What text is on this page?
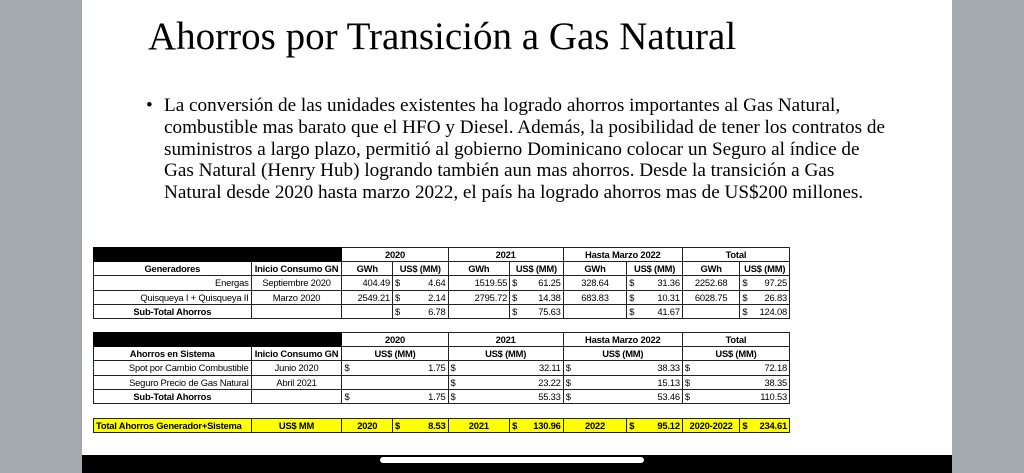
Ahorros por Transición a Gas Natural
• La conversión de las unidades existentes ha logrado ahorros importantes al Gas Natural, combustible mas barato que el HFO y Diesel. Además, la posibilidad de tener los contratos de suministros a largo plazo, permitió al gobierno Dominicano colocar un Seguro al índice de Gas Natural (Henry Hub) logrando también aun mas ahorros. Desde la transición a Gas Natural desde 2020 hasta marzo 2022, el país ha logrado ahorros mas de US$200 millones.
		2020		2021		Hasta Marzo 2022		Total	
Generadores	Inicio Consumo GN	GWh	US$ (MM)	GWh	US$ (MM)	GWh	US$ (MM)	GWh	US$ (MM)
Energas	Septiembre 2020	404.49	$ 4.64	1519.55	$ 61.25	328.64	$ 31.36	2252.68	$ 97.25

Quisqueya I + Quisqueya II	Marzo 2020	2549.21	$ 2.14	2795.72	$ 14.38	683.83	$ 10.31	6028.75	$ 26.83

Sub-Total Ahorros			$ 6.78		$ 75.63		$ 41.67		$ 124.08
		2020	2021	Hasta Marzo 2022	Total
Ahorros en Sistema	Inicio Consumo GN	US$ (MM)	US$ (MM)	US$ (MM)	US$ (MM)
Spot por Cambio Combustible	Junio 2020	$ 1.75	$ 32.11	$ 38.33	$ 72.18

Seguro Precio de Gas Natural	Abril 2021		$ 23.22	$ 15.13	$ 38.35

Sub-Total Ahorros		$ 1.75	$ 55.33	$ 53.46	$ 110.53
Total Ahorros Generador+Sistema	US$ MM	2020	$	8.53	2021	$ 130.96	2022	$ 95.12	2020-2022	$ 234.61
